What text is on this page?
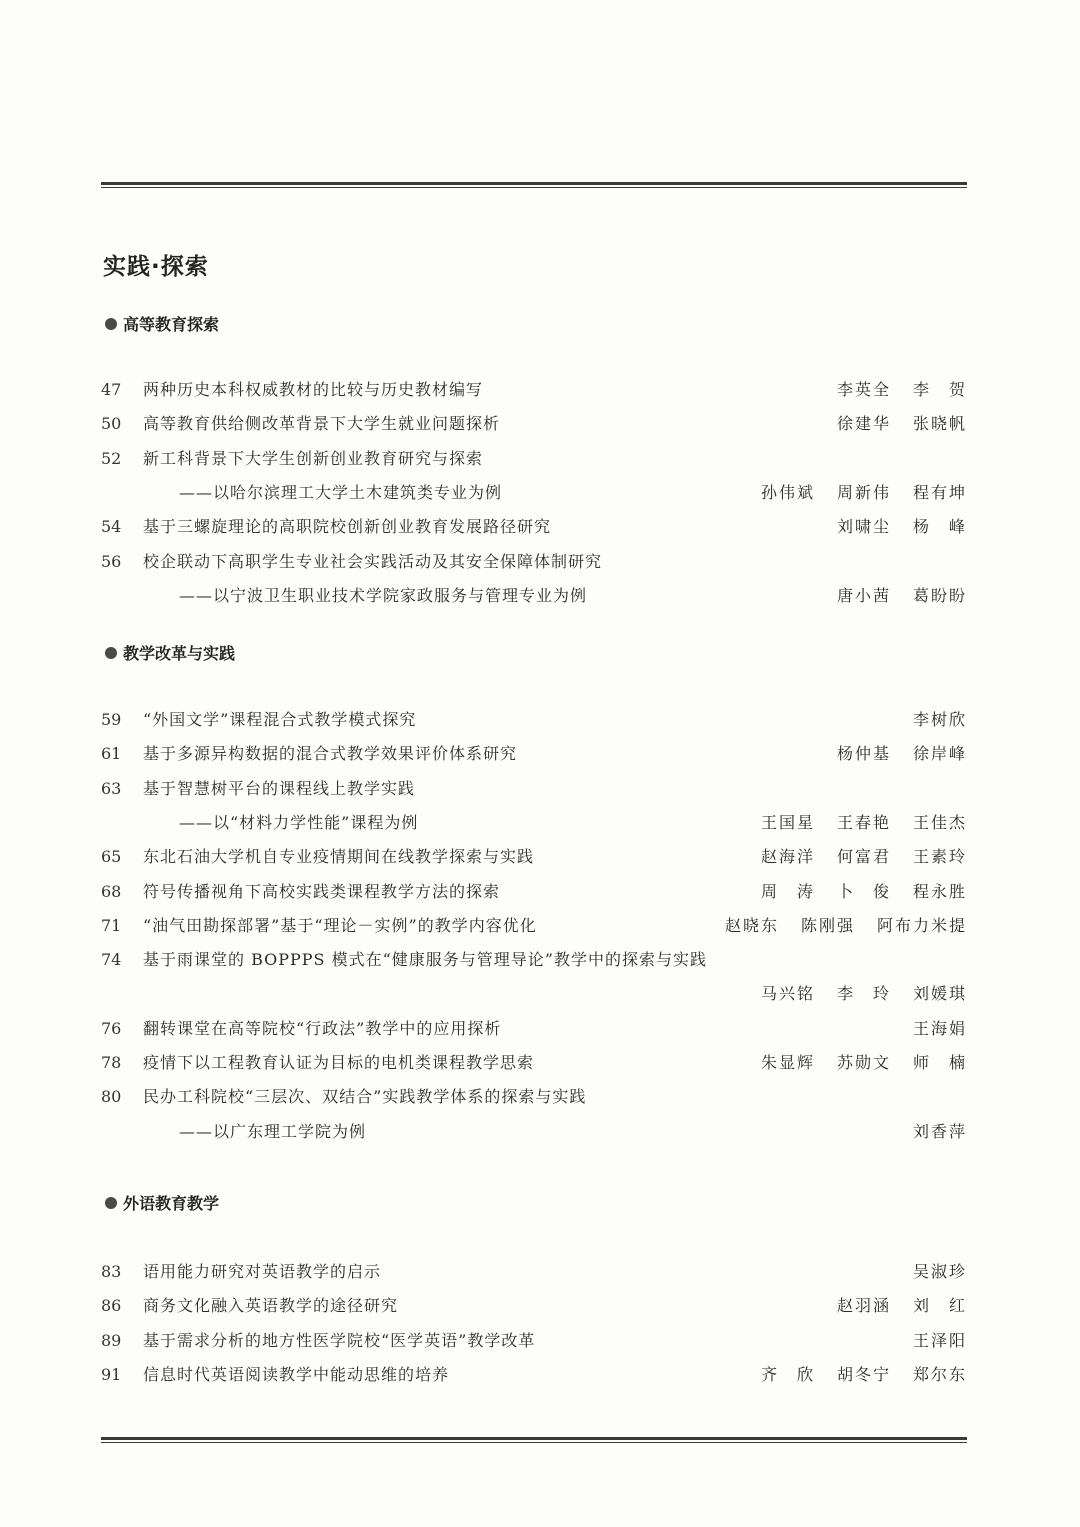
实践·探索
高等教育探索
47	两种历史本科权威教材的比较与历史教材编写	李英全 李　贺
50	高等教育供给侧改革背景下大学生就业问题探析	徐建华 张晓帆
52	新工科背景下大学生创新创业教育研究与探索
——以哈尔滨理工大学土木建筑类专业为例	孙伟斌 周新伟 程有坤
54	基于三螺旋理论的高职院校创新创业教育发展路径研究	刘啸尘 杨　峰
56	校企联动下高职学生专业社会实践活动及其安全保障体制研究
——以宁波卫生职业技术学院家政服务与管理专业为例	唐小茜 葛盼盼
教学改革与实践
59	“外国文学”课程混合式教学模式探究	李树欣
61	基于多源异构数据的混合式教学效果评价体系研究	杨仲基 徐岸峰
63	基于智慧树平台的课程线上教学实践
——以“材料力学性能”课程为例	王国星 王春艳 王佳杰
65	东北石油大学机自专业疫情期间在线教学探索与实践	赵海洋 何富君 王素玲
68	符号传播视角下高校实践类课程教学方法的探索	周　涛 卜　俊 程永胜
71	“油气田勘探部署”基于“理论－实例”的教学内容优化	赵晓东 陈刚强 阿布力米提
74	基于雨课堂的 BOPPPS 模式在“健康服务与管理导论”教学中的探索与实践
马兴铭 李　玲 刘媛琪
76	翻转课堂在高等院校“行政法”教学中的应用探析	王海娟
78	疫情下以工程教育认证为目标的电机类课程教学思索	朱显辉 苏勋文 师　楠
80	民办工科院校“三层次、双结合”实践教学体系的探索与实践
——以广东理工学院为例	刘香萍
外语教育教学
83	语用能力研究对英语教学的启示	吴淑珍
86	商务文化融入英语教学的途径研究	赵羽涵 刘　红
89	基于需求分析的地方性医学院校“医学英语”教学改革	王泽阳
91	信息时代英语阅读教学中能动思维的培养	齐　欣 胡冬宁 郑尔东
